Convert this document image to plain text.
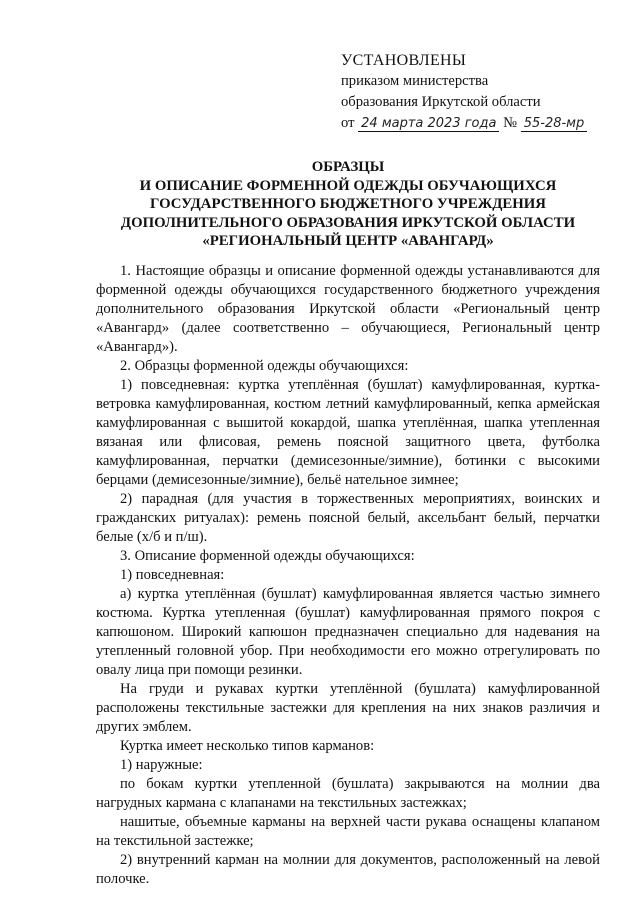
УСТАНОВЛЕНЫ
приказом министерства
образования Иркутской области
от 24 марта 2023 года № 55-28-мр
ОБРАЗЦЫ
И ОПИСАНИЕ ФОРМЕННОЙ ОДЕЖДЫ ОБУЧАЮЩИХСЯ
ГОСУДАРСТВЕННОГО БЮДЖЕТНОГО УЧРЕЖДЕНИЯ
ДОПОЛНИТЕЛЬНОГО ОБРАЗОВАНИЯ ИРКУТСКОЙ ОБЛАСТИ
«РЕГИОНАЛЬНЫЙ ЦЕНТР «АВАНГАРД»

1. Настоящие образцы и описание форменной одежды устанавливаются для форменной одежды обучающихся государственного бюджетного учреждения дополнительного образования Иркутской области «Региональный центр «Авангард» (далее соответственно – обучающиеся, Региональный центр «Авангард»).

2. Образцы форменной одежды обучающихся:

1) повседневная: куртка утеплённая (бушлат) камуфлированная, куртка-ветровка камуфлированная, костюм летний камуфлированный, кепка армейская камуфлированная с вышитой кокардой, шапка утеплённая, шапка утепленная вязаная или флисовая, ремень поясной защитного цвета, футболка камуфлированная, перчатки (демисезонные/зимние), ботинки с высокими берцами (демисезонные/зимние), бельё нательное зимнее;

2) парадная (для участия в торжественных мероприятиях, воинских и гражданских ритуалах): ремень поясной белый, аксельбант белый, перчатки белые (х/б и п/ш).

3. Описание форменной одежды обучающихся:

1) повседневная:

а) куртка утеплённая (бушлат) камуфлированная является частью зимнего костюма. Куртка утепленная (бушлат) камуфлированная прямого покроя с капюшоном. Широкий капюшон предназначен специально для надевания на утепленный головной убор. При необходимости его можно отрегулировать по овалу лица при помощи резинки.

На груди и рукавах куртки утеплённой (бушлата) камуфлированной расположены текстильные застежки для крепления на них знаков различия и других эмблем.

Куртка имеет несколько типов карманов:

1) наружные:

по бокам куртки утепленной (бушлата) закрываются на молнии два нагрудных кармана с клапанами на текстильных застежках;

нашитые, объемные карманы на верхней части рукава оснащены клапаном на текстильной застежке;

2) внутренний карман на молнии для документов, расположенный на левой полочке.
